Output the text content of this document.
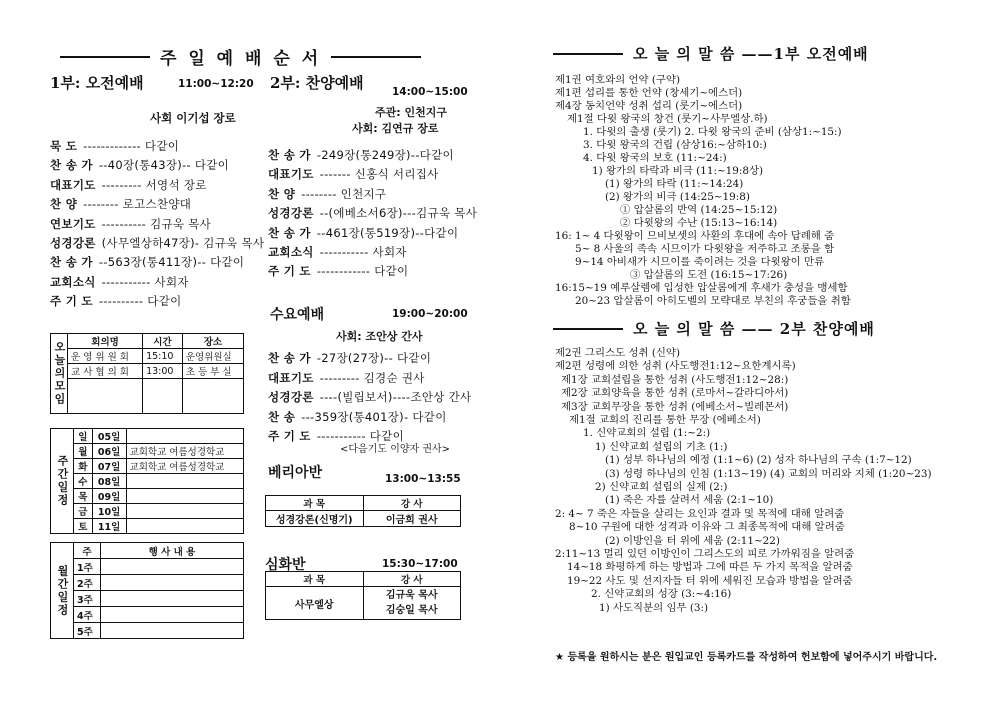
주 일 예 배 순 서
1부: 오전예배	11:00~12:20
사회 이기섭 장로
묵 도 ------------- 다같이
찬 송 가 --40장(통43장)-- 다같이
대표기도 --------- 서영석 장로
찬 양 -------- 로고스찬양대
연보기도 ---------- 김규욱 목사
성경강론 (사무엘상하47장)- 김규욱 목사
찬 송 가 --563장(통411장)-- 다같이
교회소식 ----------- 사회자
주 기 도 ---------- 다같이
2부: 찬양예배	14:00~15:00
주관: 인천지구
사회: 김연규 장로
찬 송 가 -249장(통249장)--다같이
대표기도 ------- 신홍식 서리집사
찬 양 -------- 인천지구
성경강론 --(에베소서6장)---김규욱 목사
찬 송 가 --461장(통519장)--다같이
교회소식 ----------- 사회자
주 기 도 ------------ 다같이
수요예배	19:00~20:00
사회: 조안상 간사
찬 송 가 -27장(27장)-- 다같이
대표기도 --------- 김경순 권사
성경강론 ----(빌립보서)----조안상 간사
찬 송 ---359장(통401장)- 다같이
주 기 도 ----------- 다같이
<다음기도 이양자 권사>
베리아반	13:00~13:55
과 목	강 사
성경강론(신명기)	이금희 권사
심화반	15:30~17:00
과 목	강 사
사무엘상	김규욱 목사
김숭일 목사
오늘의모임	회의명	시간	장소
	운 영 위 원 회	15:10	운영위원실
	교 사 협 의 회	13:00	초 등 부 실

주간일정	일	05일	
	월	06일	교회학교 여름성경학교
	화	07일	교회학교 여름성경학교
	수	08일	
	목	09일	
	금	10일	
	토	11일	
월간일정	주	행 사 내 용
	1주	
	2주	
	3주	
	4주	
	5주	
오 늘 의 말 씀 ——1부 오전예배
제1권 여호와의 언약 (구약)
제1편 섭리를 통한 언약 (창세기~에스더)
제4장 동치언약 성취 섭리 (룻기~에스더)
제1절 다윗 왕국의 창건 (룻기~사무엘상.하)
1. 다윗의 출생 (룻기) 2. 다윗 왕국의 준비 (삼상1:~15:)
3. 다윗 왕국의 건립 (삼상16:~삼하10:)
4. 다윗 왕국의 보호 (11:~24:)
1) 왕가의 타락과 비극 (11:~19:8상)
(1) 왕가의 타락 (11:~14:24)
(2) 왕가의 비극 (14:25~19:8)
① 압살롬의 반역 (14:25~15:12)
② 다윗왕의 수난 (15:13~16:14)
16: 1~ 4 다윗왕이 므비보셋의 사환의 후대에 속아 답례해 줌
5~ 8 사울의 족속 시므이가 다윗왕을 저주하고 조롱을 함
9~14 아비새가 시므이를 죽이려는 것을 다윗왕이 만류
③ 압살롬의 도전 (16:15~17:26)
16:15~19 예루살렘에 입성한 압살롬에게 후새가 충성을 맹세함
20~23 압살롬이 아히도벨의 모략대로 부친의 후궁들을 취함
오 늘 의 말 씀 —— 2부 찬양예배
제2권 그리스도 성취 (신약)
제2편 성령에 의한 성취 (사도행전1:12~요한계시록)
제1장 교회설립을 통한 성취 (사도행전1:12~28:)
제2장 교회양육을 통한 성취 (로마서~갈라디아서)
제3장 교회무장을 통한 성취 (에베소서~빌레몬서)
제1절 교회의 진리를 통한 무장 (에베소서)
1. 신약교회의 설립 (1:~2:)
1) 신약교회 설립의 기초 (1:)
(1) 성부 하나님의 예정 (1:1~6) (2) 성자 하나님의 구속 (1:7~12)
(3) 성령 하나님의 인침 (1:13~19) (4) 교회의 머리와 지체 (1:20~23)
2) 신약교회 설립의 실제 (2:)
(1) 죽은 자를 살려서 세움 (2:1~10)
2: 4~ 7 죽은 자들을 살리는 요인과 결과 및 목적에 대해 알려줌
8~10 구원에 대한 성격과 이유와 그 최종목적에 대해 알려줌
(2) 이방인을 터 위에 세움 (2:11~22)
2:11~13 멀리 있던 이방인이 그리스도의 피로 가까워짐을 알려줌
14~18 화평하게 하는 방법과 그에 따른 두 가지 목적을 알려줌
19~22 사도 및 선지자들 터 위에 세워진 모습과 방법을 알려줌
2. 신약교회의 성장 (3:~4:16)
1) 사도직분의 임무 (3:)
★ 등록을 원하시는 분은 원입교인 등록카드를 작성하여 헌보함에 넣어주시기 바랍니다.
